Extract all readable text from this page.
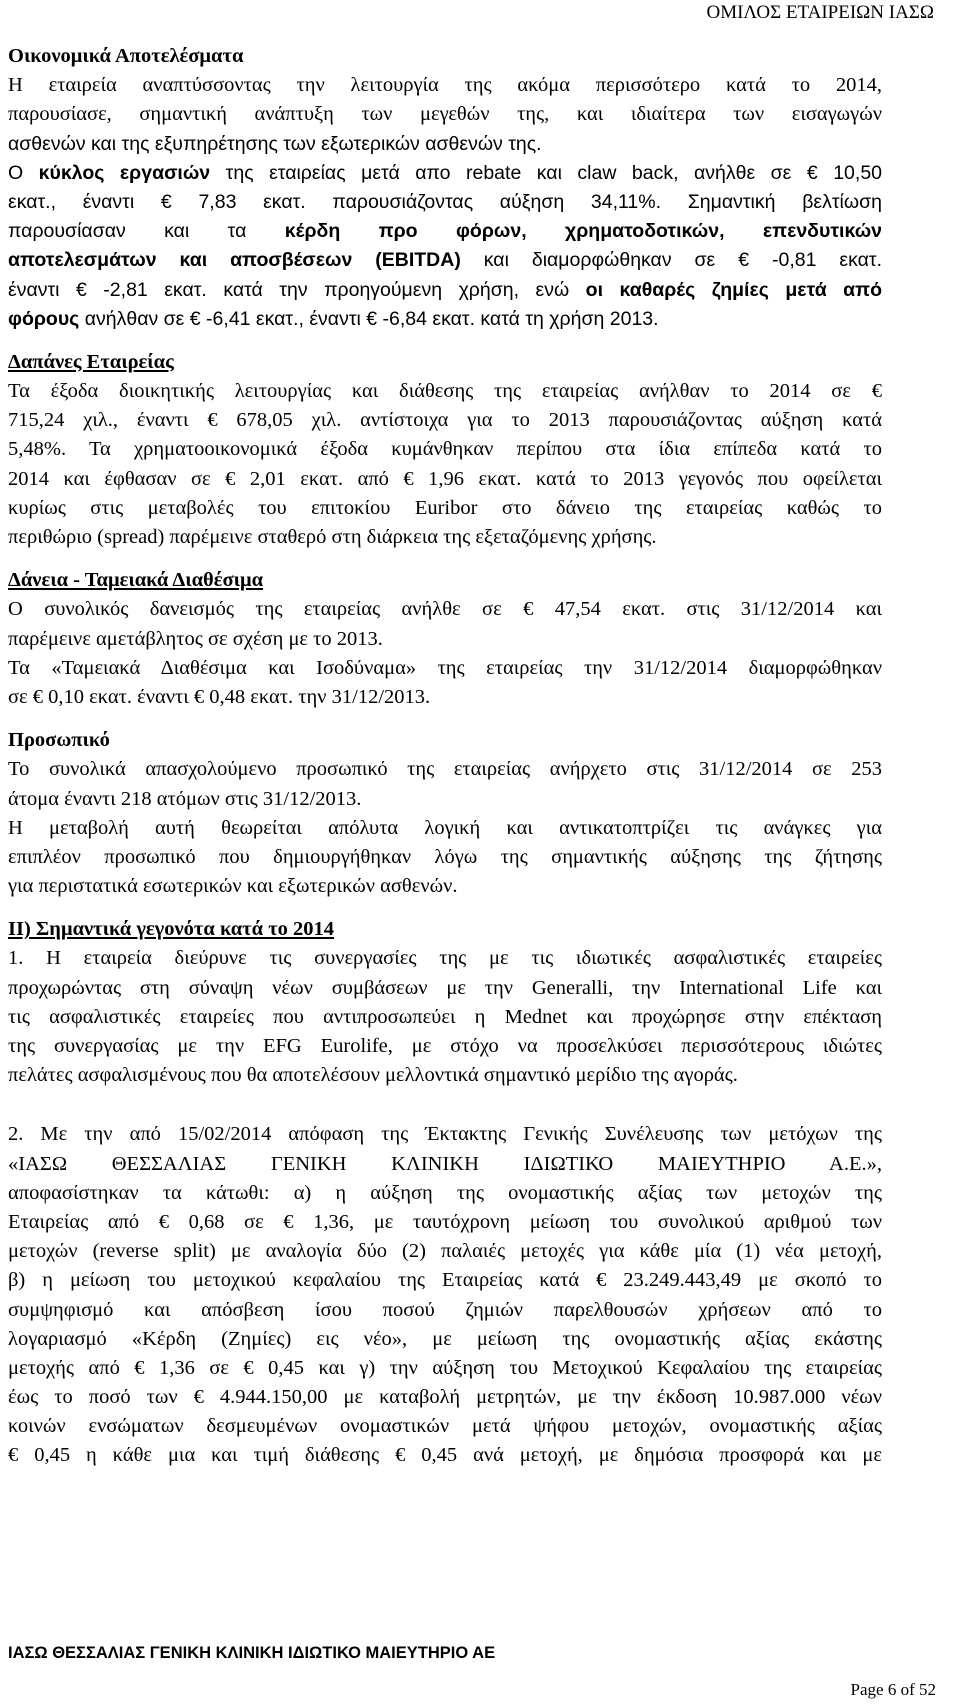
ΟΜΙΛΟΣ ΕΤΑΙΡΕΙΩΝ ΙΑΣΩ
Οικονομικά Αποτελέσματα
Η εταιρεία αναπτύσσοντας την λειτουργία της ακόμα περισσότερο κατά το 2014,
παρουσίασε, σημαντική ανάπτυξη των μεγεθών της, και ιδιαίτερα των εισαγωγών
ασθενών και της εξυπηρέτησης των εξωτερικών ασθενών της.
Ο κύκλος εργασιών της εταιρείας μετά απο rebate και claw back, ανήλθε σε € 10,50
εκατ., έναντι € 7,83 εκατ. παρουσιάζοντας αύξηση 34,11%. Σημαντική βελτίωση
παρουσίασαν και τα κέρδη προ φόρων, χρηματοδοτικών, επενδυτικών
αποτελεσμάτων και αποσβέσεων (EBITDA) και διαμορφώθηκαν σε € -0,81 εκατ.
έναντι € -2,81 εκατ. κατά την προηγούμενη χρήση, ενώ οι καθαρές ζημίες μετά από
φόρους ανήλθαν σε € -6,41 εκατ., έναντι € -6,84 εκατ. κατά τη χρήση 2013.
Δαπάνες Εταιρείας
Τα έξοδα διοικητικής λειτουργίας και διάθεσης της εταιρείας ανήλθαν το 2014 σε €
715,24 χιλ., έναντι € 678,05 χιλ. αντίστοιχα για το 2013 παρουσιάζοντας αύξηση κατά
5,48%. Τα χρηματοοικονομικά έξοδα κυμάνθηκαν περίπου στα ίδια επίπεδα κατά το
2014 και έφθασαν σε € 2,01 εκατ. από € 1,96 εκατ. κατά το 2013 γεγονός που οφείλεται
κυρίως στις μεταβολές του επιτοκίου Euribor στο δάνειο της εταιρείας καθώς το
περιθώριο (spread) παρέμεινε σταθερό στη διάρκεια της εξεταζόμενης χρήσης.
Δάνεια - Ταμειακά Διαθέσιμα
Ο συνολικός δανεισμός της εταιρείας ανήλθε σε € 47,54 εκατ. στις 31/12/2014 και
παρέμεινε αμετάβλητος σε σχέση με το 2013.
Τα «Ταμειακά Διαθέσιμα και Ισοδύναμα» της εταιρείας την 31/12/2014 διαμορφώθηκαν
σε € 0,10 εκατ. έναντι € 0,48 εκατ. την 31/12/2013.
Προσωπικό
Το συνολικά απασχολούμενο προσωπικό της εταιρείας ανήρχετο στις 31/12/2014 σε 253
άτομα έναντι 218 ατόμων στις 31/12/2013.
Η μεταβολή αυτή θεωρείται απόλυτα λογική και αντικατοπτρίζει τις ανάγκες για
επιπλέον προσωπικό που δημιουργήθηκαν λόγω της σημαντικής αύξησης της ζήτησης
για περιστατικά εσωτερικών και εξωτερικών ασθενών.
ΙΙ) Σημαντικά γεγονότα κατά το 2014
1. Η εταιρεία διεύρυνε τις συνεργασίες της με τις ιδιωτικές ασφαλιστικές εταιρείες
προχωρώντας στη σύναψη νέων συμβάσεων με την Generalli, την International Life και
τις ασφαλιστικές εταιρείες που αντιπροσωπεύει η Mednet και προχώρησε στην επέκταση
της συνεργασίας με την EFG Eurolife, με στόχο να προσελκύσει περισσότερους ιδιώτες
πελάτες ασφαλισμένους που θα αποτελέσουν μελλοντικά σημαντικό μερίδιο της αγοράς.
2. Με την από 15/02/2014 απόφαση της Έκτακτης Γενικής Συνέλευσης των μετόχων της
«ΙΑΣΩ ΘΕΣΣΑΛΙΑΣ ΓΕΝΙΚΗ ΚΛΙΝΙΚΗ ΙΔΙΩΤΙΚΟ ΜΑΙΕΥΤΗΡΙΟ Α.Ε.»,
αποφασίστηκαν τα κάτωθι: α) η αύξηση της ονομαστικής αξίας των μετοχών της
Εταιρείας από € 0,68 σε € 1,36, με ταυτόχρονη μείωση του συνολικού αριθμού των
μετοχών (reverse split) με αναλογία δύο (2) παλαιές μετοχές για κάθε μία (1) νέα μετοχή,
β) η μείωση του μετοχικού κεφαλαίου της Εταιρείας κατά € 23.249.443,49 με σκοπό το
συμψηφισμό και απόσβεση ίσου ποσού ζημιών παρελθουσών χρήσεων από το
λογαριασμό «Κέρδη (Ζημίες) εις νέο», με μείωση της ονομαστικής αξίας εκάστης
μετοχής από € 1,36 σε € 0,45 και γ) την αύξηση του Μετοχικού Κεφαλαίου της εταιρείας
έως το ποσό των € 4.944.150,00 με καταβολή μετρητών, με την έκδοση 10.987.000 νέων
κοινών ενσώματων δεσμευμένων ονομαστικών μετά ψήφου μετοχών, ονομαστικής αξίας
€ 0,45 η κάθε μια και τιμή διάθεσης € 0,45 ανά μετοχή, με δημόσια προσφορά και με
ΙΑΣΩ ΘΕΣΣΑΛΙΑΣ ΓΕΝΙΚΗ ΚΛΙΝΙΚΗ ΙΔΙΩΤΙΚΟ ΜΑΙΕΥΤΗΡΙΟ ΑΕ
Page 6 of 52
